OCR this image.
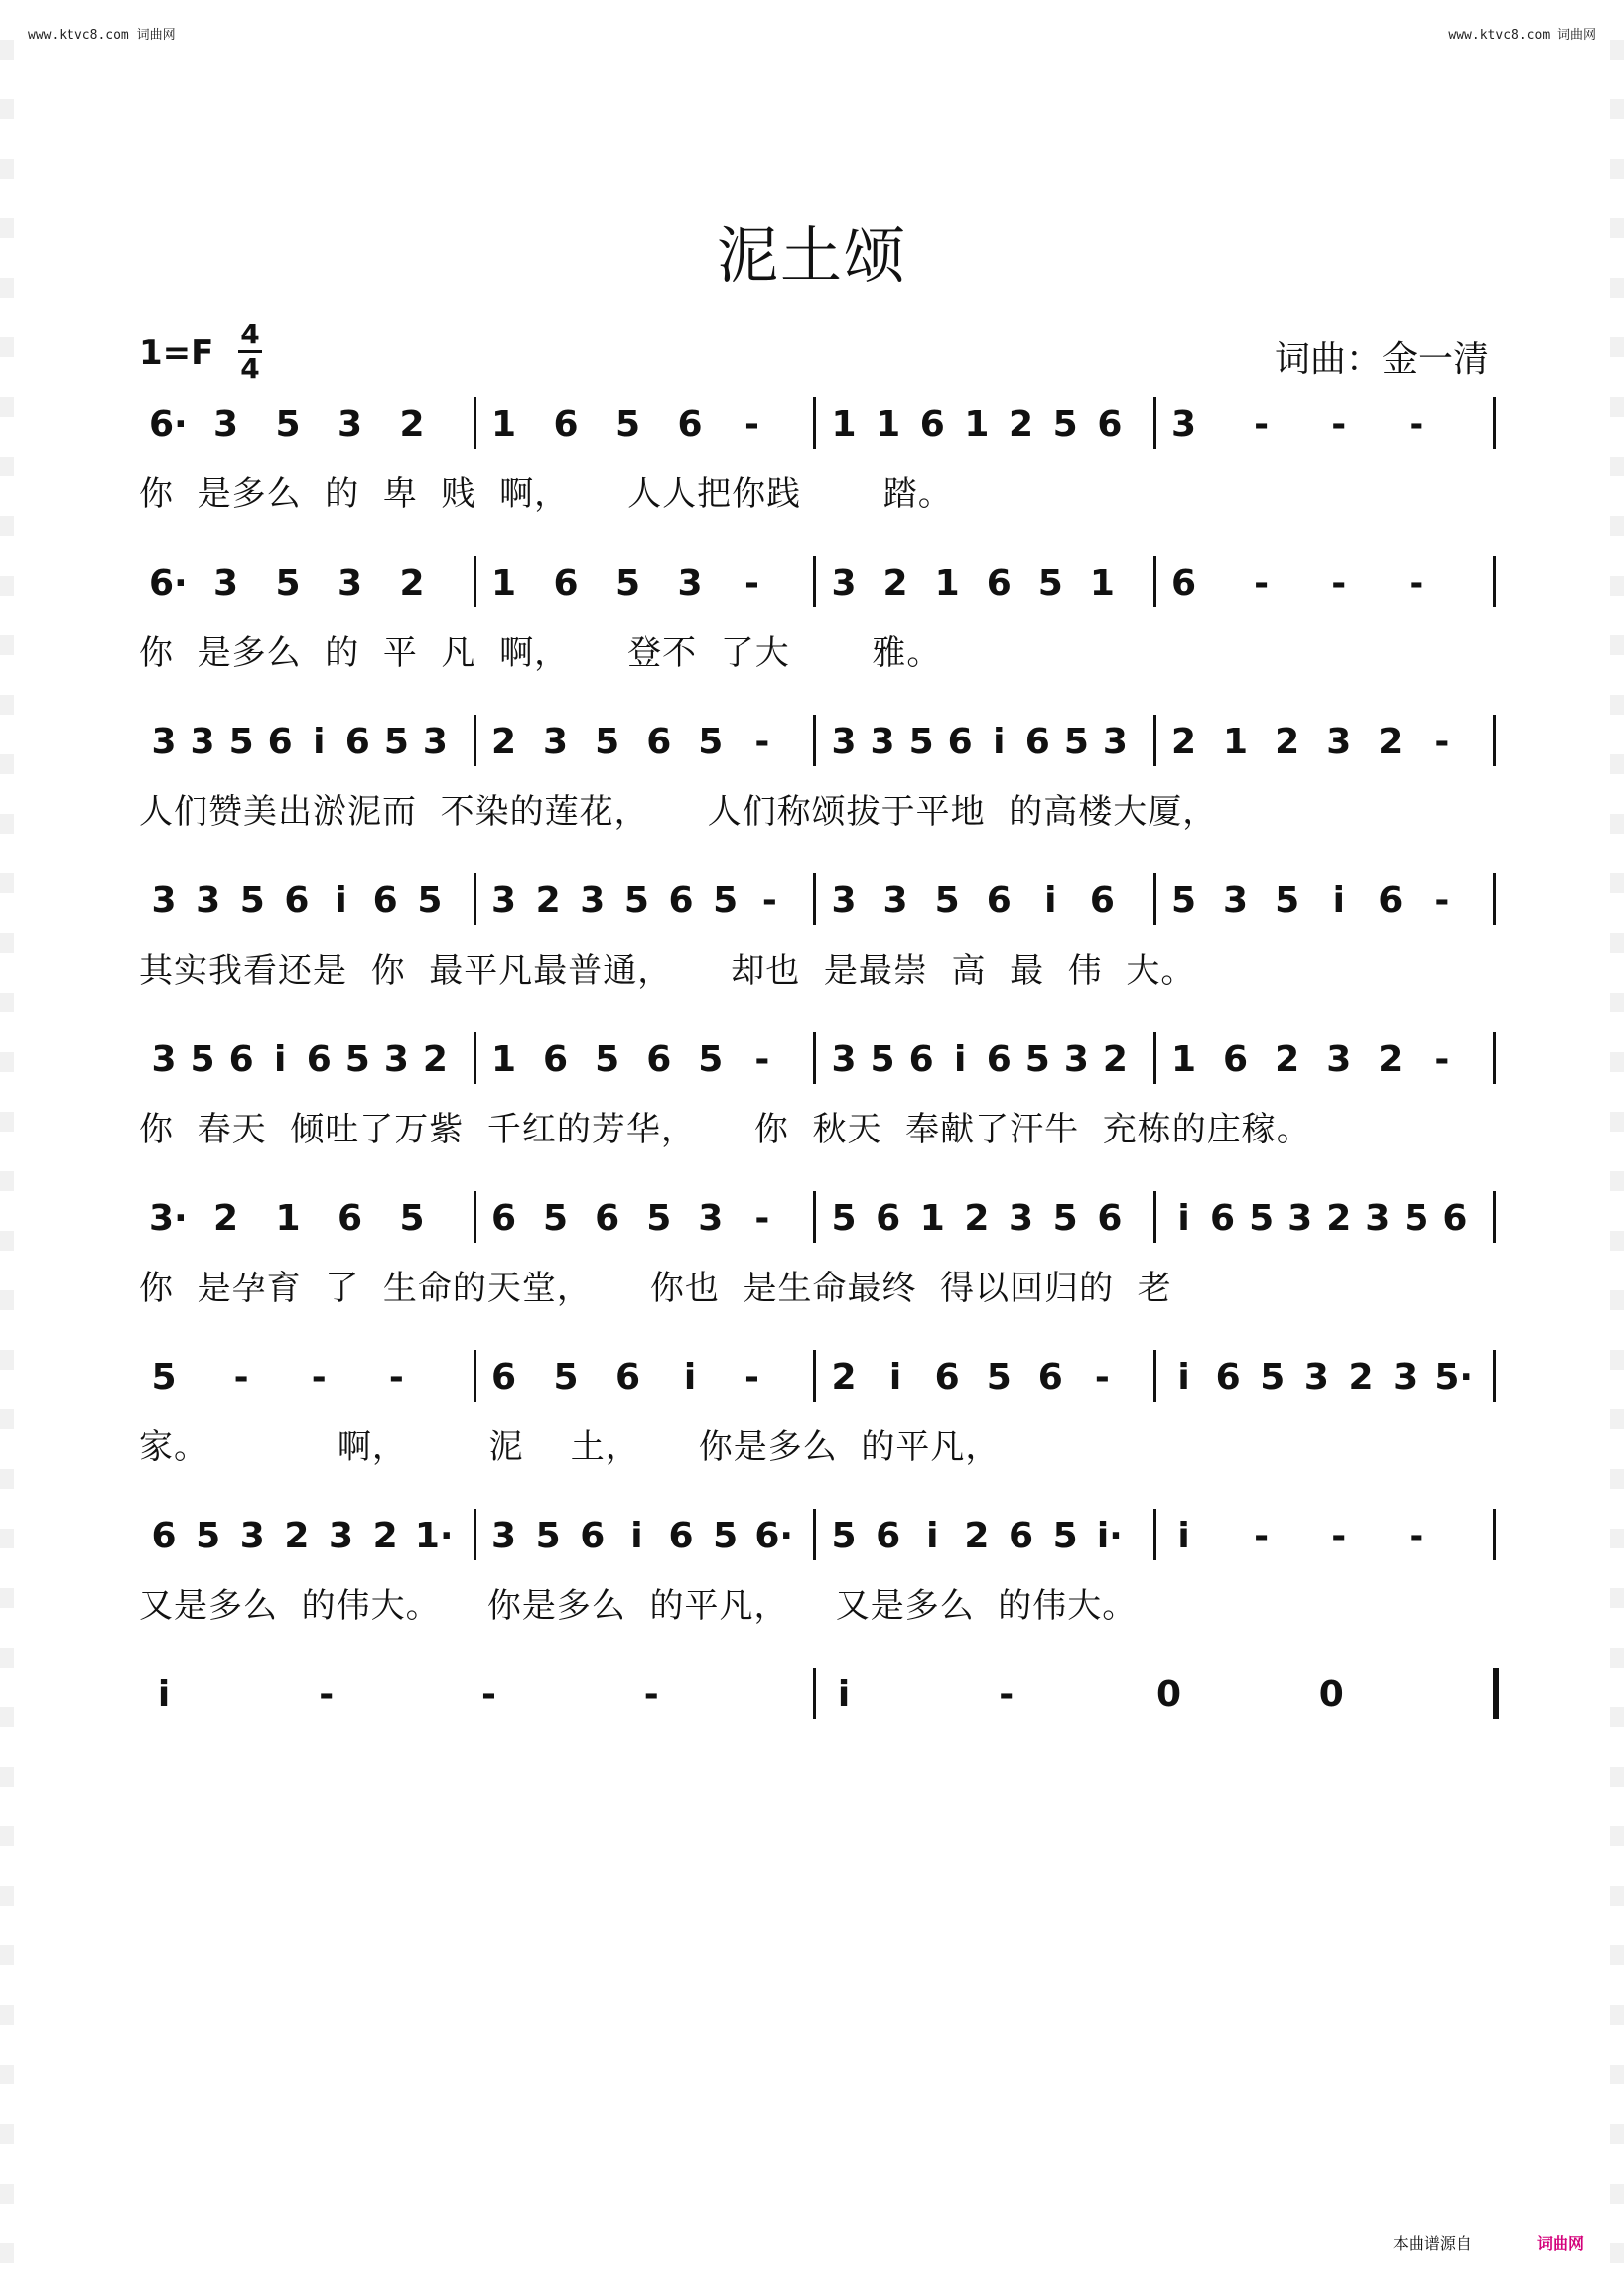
www.ktvc8.com 词曲网	www.ktvc8.com 词曲网
泥土颂
1=F 4
4	词曲：金一清
6· 3 5 3 2 1 6 5 6 - 1 1 6 1 2 5 6 3 - - -
你  是多么  的  卑  贱  啊，     人人把你践       踏。
6· 3 5 3 2 1 6 5 3 - 3 2 1 6 5 1 6 - - -
你  是多么  的  平  凡  啊，     登不  了大       雅。
3 3 5 6 i 6 5 3 2 3 5 6 5 - 3 3 5 6 i 6 5 3 2 1 2 3 2 -
人们赞美出淤泥而  不染的莲花，     人们称颂拔于平地  的高楼大厦，
3 3 5 6 i 6 5 3 2 3 5 6 5 - 3 3 5 6 i 6 5 3 5 i 6 -
其实我看还是  你  最平凡最普通，     却也  是最崇  高  最  伟  大。
3 5 6 i 6 5 3 2 1 6 5 6 5 - 3 5 6 i 6 5 3 2 1 6 2 3 2 -
你  春天  倾吐了万紫  千红的芳华，     你  秋天  奉献了汗牛  充栋的庄稼。
3· 2 1 6 5 6 5 6 5 3 - 5 6 1 2 3 5 6 i 6 5 3 2 3 5 6
你  是孕育  了  生命的天堂，     你也  是生命最终  得以回归的  老
5 - - - 6 5 6 i - 2 i 6 5 6 - i 6 5 3 2 3 5·
家。           啊，       泥    土，     你是多么  的平凡，
6 5 3 2 3 2 1· 3 5 6 i 6 5 6· 5 6 i 2 6 5 i· i - - -
又是多么  的伟大。    你是多么  的平凡，    又是多么  的伟大。
i	-	-	-	i	-	0	0
本曲谱源自	词曲网
